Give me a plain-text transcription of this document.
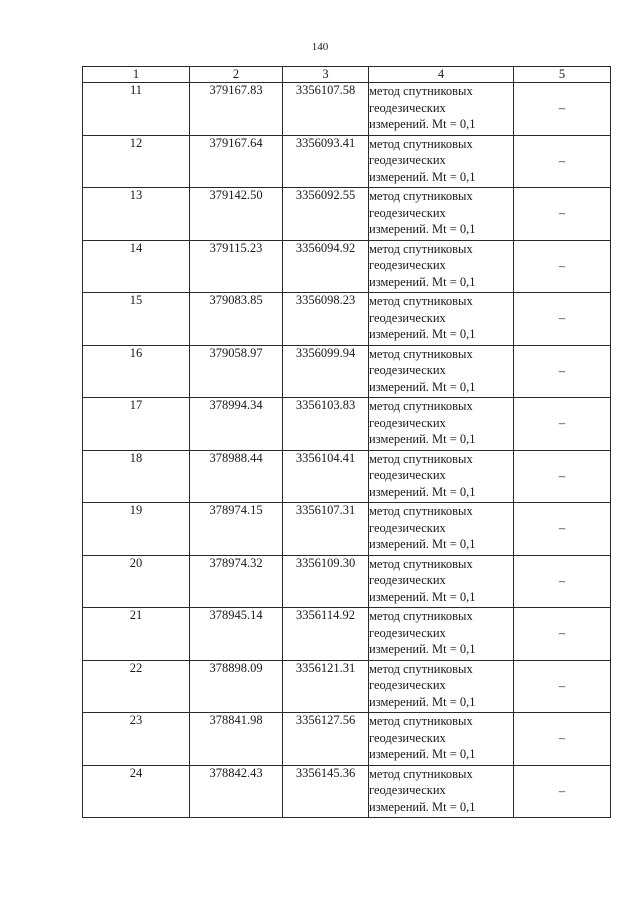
140
1	2	3	4	5
11	379167.83	3356107.58	метод спутниковых
геодезических
измерений. Mt = 0,1	–
12	379167.64	3356093.41	метод спутниковых
геодезических
измерений. Mt = 0,1	–
13	379142.50	3356092.55	метод спутниковых
геодезических
измерений. Mt = 0,1	–
14	379115.23	3356094.92	метод спутниковых
геодезических
измерений. Mt = 0,1	–
15	379083.85	3356098.23	метод спутниковых
геодезических
измерений. Mt = 0,1	–
16	379058.97	3356099.94	метод спутниковых
геодезических
измерений. Mt = 0,1	–
17	378994.34	3356103.83	метод спутниковых
геодезических
измерений. Mt = 0,1	–
18	378988.44	3356104.41	метод спутниковых
геодезических
измерений. Mt = 0,1	–
19	378974.15	3356107.31	метод спутниковых
геодезических
измерений. Mt = 0,1	–
20	378974.32	3356109.30	метод спутниковых
геодезических
измерений. Mt = 0,1	–
21	378945.14	3356114.92	метод спутниковых
геодезических
измерений. Mt = 0,1	–
22	378898.09	3356121.31	метод спутниковых
геодезических
измерений. Mt = 0,1	–
23	378841.98	3356127.56	метод спутниковых
геодезических
измерений. Mt = 0,1	–
24	378842.43	3356145.36	метод спутниковых
геодезических
измерений. Mt = 0,1	–
